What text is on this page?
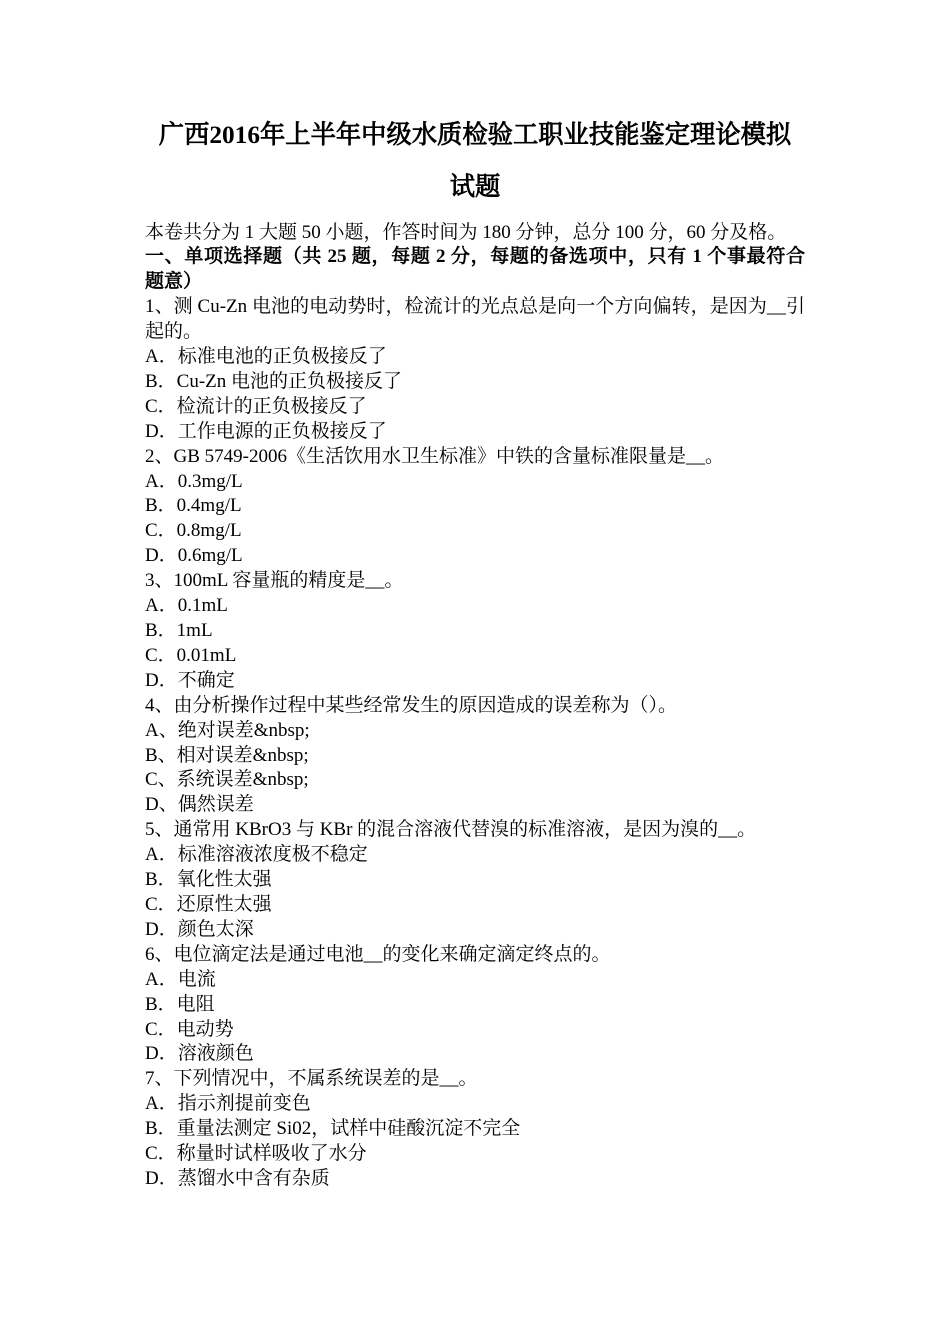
广西2016年上半年中级水质检验工职业技能鉴定理论模拟
试题
本卷共分为 1 大题 50 小题，作答时间为 180 分钟，总分 100 分，60 分及格。
一、单项选择题（共 25 题，每题 2 分，每题的备选项中，只有 1 个事最符合
题意）
1、测 Cu-Zn 电池的电动势时，检流计的光点总是向一个方向偏转，是因为__引
起的。
A．标准电池的正负极接反了
B．Cu-Zn 电池的正负极接反了
C．检流计的正负极接反了
D．工作电源的正负极接反了
2、GB 5749-2006《生活饮用水卫生标准》中铁的含量标准限量是__。
A．0.3mg/L
B．0.4mg/L
C．0.8mg/L
D．0.6mg/L
3、100mL 容量瓶的精度是__。
A．0.1mL
B．1mL
C．0.01mL
D．不确定
4、由分析操作过程中某些经常发生的原因造成的误差称为（）。
A、绝对误差&nbsp;
B、相对误差&nbsp;
C、系统误差&nbsp;
D、偶然误差
5、通常用 KBrO3 与 KBr 的混合溶液代替溴的标准溶液，是因为溴的__。
A．标准溶液浓度极不稳定
B．氧化性太强
C．还原性太强
D．颜色太深
6、电位滴定法是通过电池__的变化来确定滴定终点的。
A．电流
B．电阻
C．电动势
D．溶液颜色
7、下列情况中，不属系统误差的是__。
A．指示剂提前变色
B．重量法测定 Si02，试样中硅酸沉淀不完全
C．称量时试样吸收了水分
D．蒸馏水中含有杂质
